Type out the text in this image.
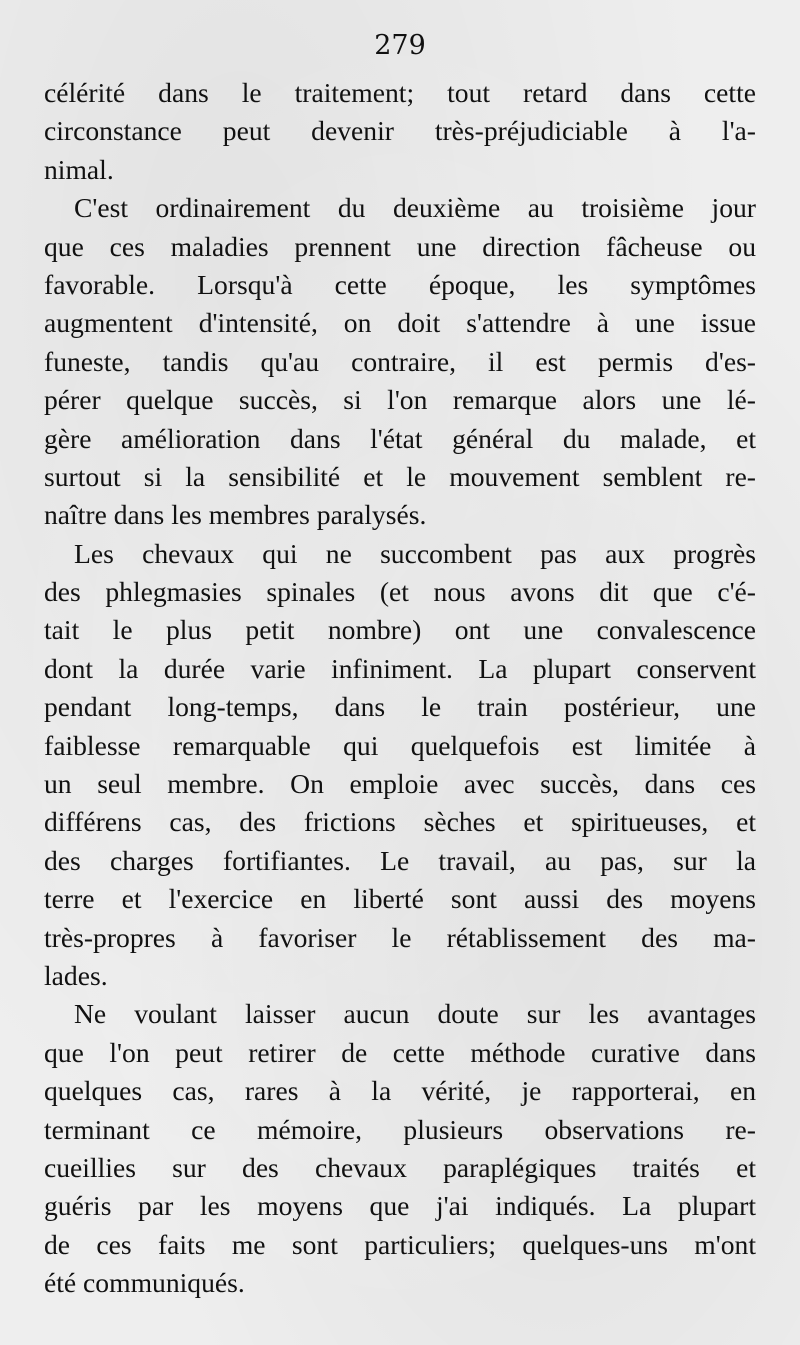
279
célérité dans le traitement; tout retard dans cette
circonstance peut devenir très-préjudiciable à l'a-
nimal.
C'est ordinairement du deuxième au troisième jour
que ces maladies prennent une direction fâcheuse ou
favorable. Lorsqu'à cette époque, les symptômes
augmentent d'intensité, on doit s'attendre à une issue
funeste, tandis qu'au contraire, il est permis d'es-
pérer quelque succès, si l'on remarque alors une lé-
gère amélioration dans l'état général du malade, et
surtout si la sensibilité et le mouvement semblent re-
naître dans les membres paralysés.
Les chevaux qui ne succombent pas aux progrès
des phlegmasies spinales (et nous avons dit que c'é-
tait le plus petit nombre) ont une convalescence
dont la durée varie infiniment. La plupart conservent
pendant long-temps, dans le train postérieur, une
faiblesse remarquable qui quelquefois est limitée à
un seul membre. On emploie avec succès, dans ces
différens cas, des frictions sèches et spiritueuses, et
des charges fortifiantes. Le travail, au pas, sur la
terre et l'exercice en liberté sont aussi des moyens
très-propres à favoriser le rétablissement des ma-
lades.
Ne voulant laisser aucun doute sur les avantages
que l'on peut retirer de cette méthode curative dans
quelques cas, rares à la vérité, je rapporterai, en
terminant ce mémoire, plusieurs observations re-
cueillies sur des chevaux paraplégiques traités et
guéris par les moyens que j'ai indiqués. La plupart
de ces faits me sont particuliers; quelques-uns m'ont
été communiqués.
